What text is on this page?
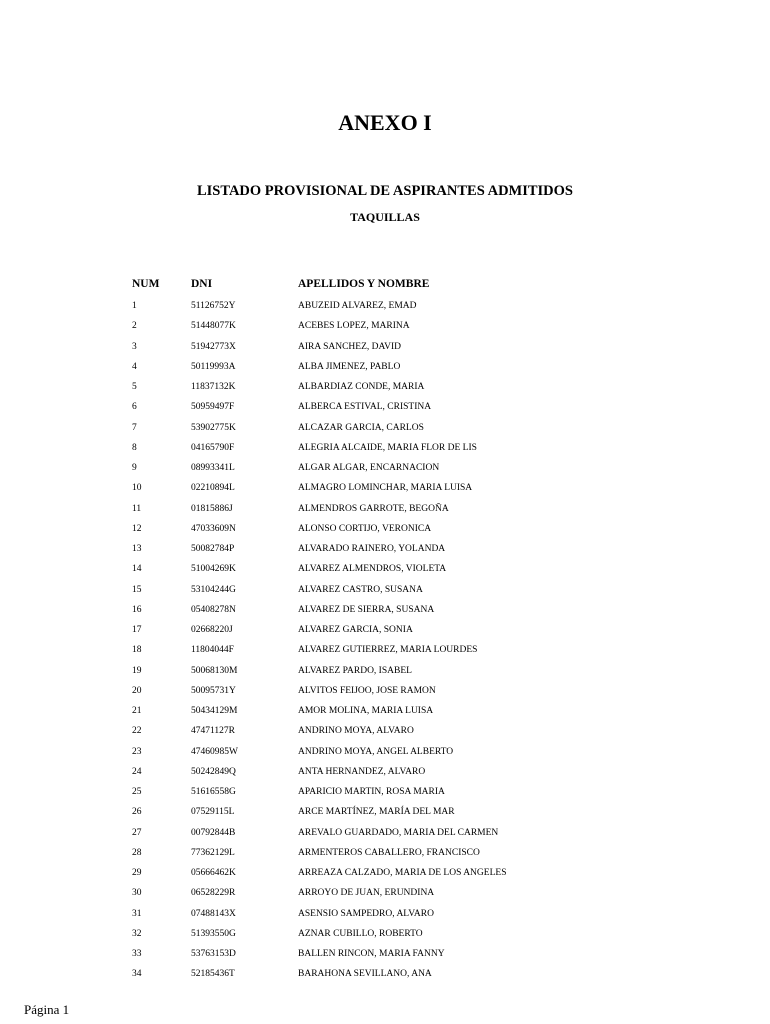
ANEXO I
LISTADO PROVISIONAL DE ASPIRANTES ADMITIDOS
TAQUILLAS
NUM	DNI	APELLIDOS Y NOMBRE
1	51126752Y	ABUZEID ALVAREZ, EMAD
2	51448077K	ACEBES LOPEZ, MARINA
3	51942773X	AIRA SANCHEZ, DAVID
4	50119993A	ALBA JIMENEZ, PABLO
5	11837132K	ALBARDIAZ CONDE, MARIA
6	50959497F	ALBERCA ESTIVAL, CRISTINA
7	53902775K	ALCAZAR GARCIA, CARLOS
8	04165790F	ALEGRIA ALCAIDE, MARIA FLOR DE LIS
9	08993341L	ALGAR ALGAR, ENCARNACION
10	02210894L	ALMAGRO LOMINCHAR, MARIA LUISA
11	01815886J	ALMENDROS GARROTE, BEGOÑA
12	47033609N	ALONSO CORTIJO, VERONICA
13	50082784P	ALVARADO RAINERO, YOLANDA
14	51004269K	ALVAREZ ALMENDROS, VIOLETA
15	53104244G	ALVAREZ CASTRO, SUSANA
16	05408278N	ALVAREZ DE SIERRA, SUSANA
17	02668220J	ALVAREZ GARCIA, SONIA
18	11804044F	ALVAREZ GUTIERREZ, MARIA LOURDES
19	50068130M	ALVAREZ PARDO, ISABEL
20	50095731Y	ALVITOS FEIJOO, JOSE RAMON
21	50434129M	AMOR MOLINA, MARIA LUISA
22	47471127R	ANDRINO MOYA, ALVARO
23	47460985W	ANDRINO MOYA, ANGEL ALBERTO
24	50242849Q	ANTA HERNANDEZ, ALVARO
25	51616558G	APARICIO MARTIN, ROSA MARIA
26	07529115L	ARCE MARTÍNEZ, MARÍA DEL MAR
27	00792844B	AREVALO GUARDADO, MARIA DEL CARMEN
28	77362129L	ARMENTEROS CABALLERO, FRANCISCO
29	05666462K	ARREAZA CALZADO, MARIA DE LOS ANGELES
30	06528229R	ARROYO DE JUAN, ERUNDINA
31	07488143X	ASENSIO SAMPEDRO, ALVARO
32	51393550G	AZNAR CUBILLO, ROBERTO
33	53763153D	BALLEN RINCON, MARIA FANNY
34	52185436T	BARAHONA SEVILLANO, ANA
Página 1
